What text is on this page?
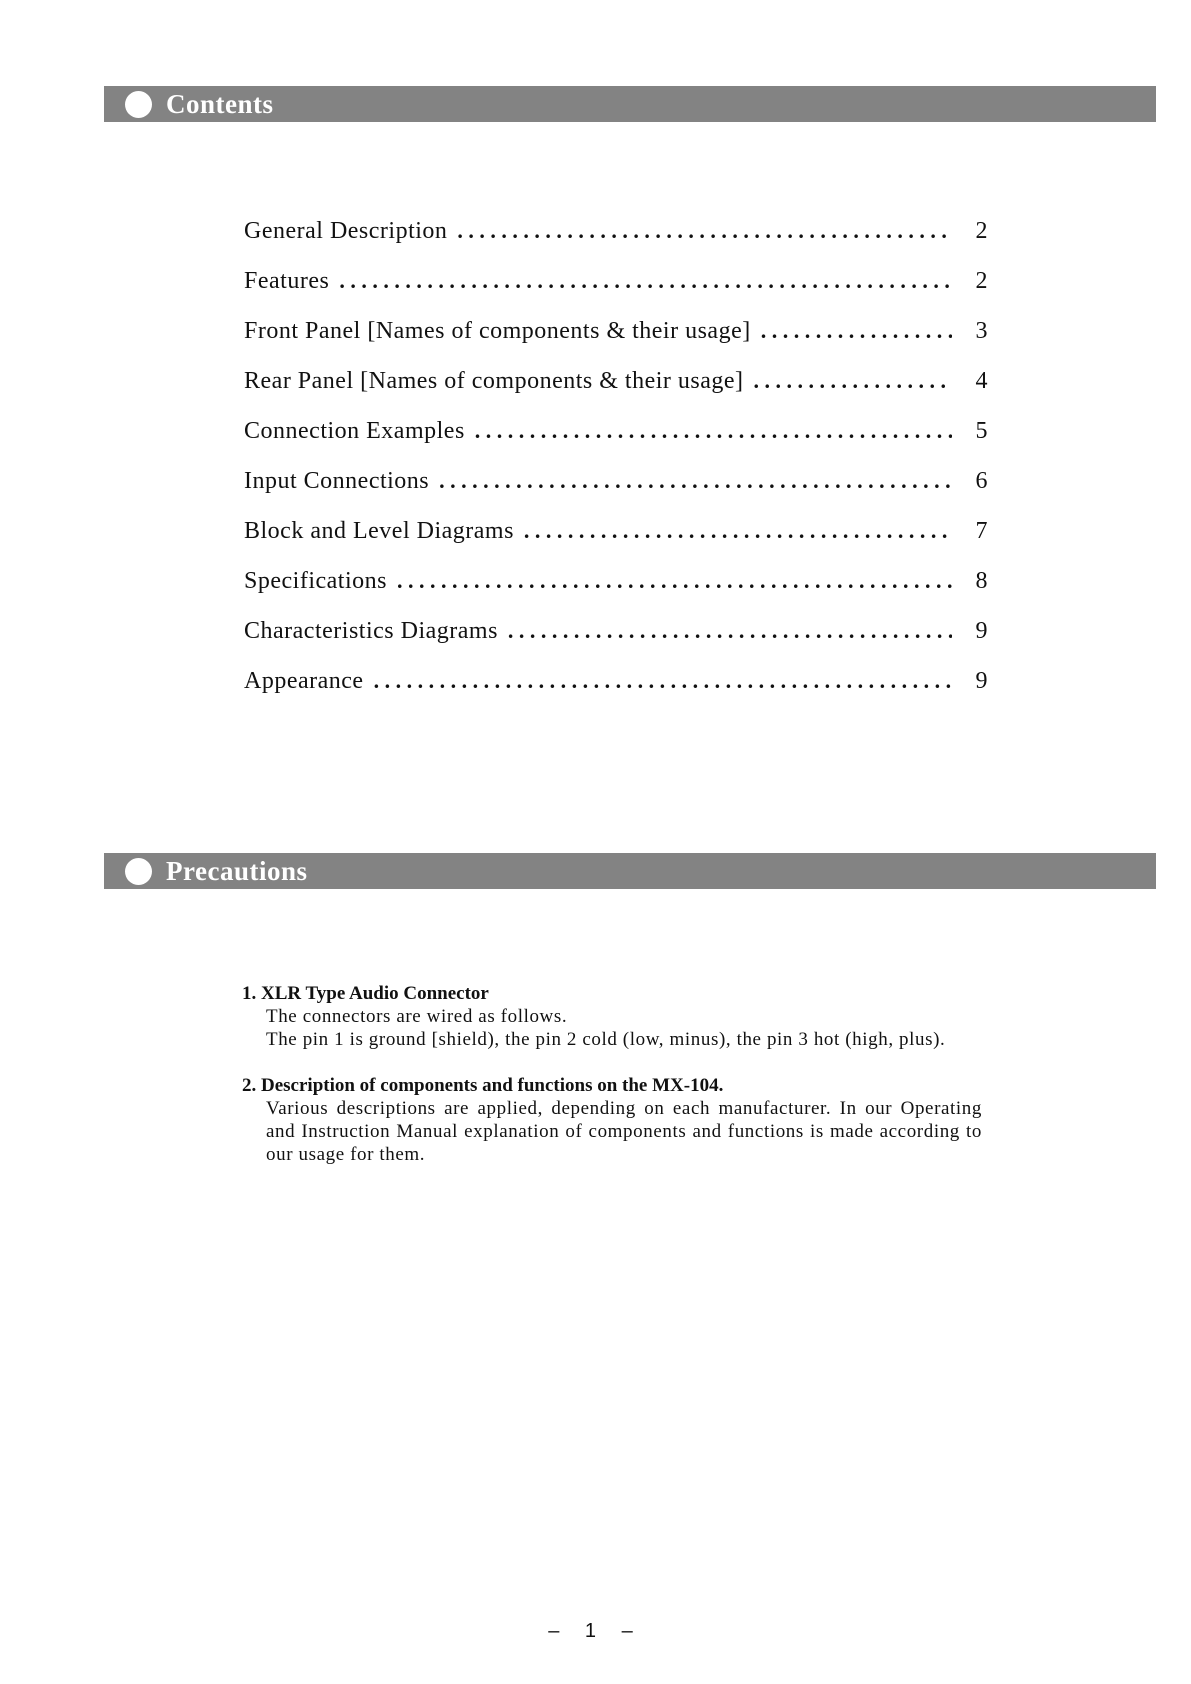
Contents
General Description . . .	2
Features . . .	2
Front Panel [Names of components & their usage] . . .	3
Rear Panel [Names of components & their usage] . . .	4
Connection Examples . . .	5
Input Connections . . .	6
Block and Level Diagrams . . .	7
Specifications . . .	8
Characteristics Diagrams . . .	9
Appearance . . .	9
Precautions
1. XLR Type Audio Connector

The connectors are wired as follows.

The pin 1 is ground [shield), the pin 2 cold (low, minus), the pin 3 hot (high, plus).

2. Description of components and functions on the MX-104.

Various descriptions are applied, depending on each manufacturer. In our Operating and Instruction Manual explanation of components and functions is made according to our usage for them.

– 1 –
